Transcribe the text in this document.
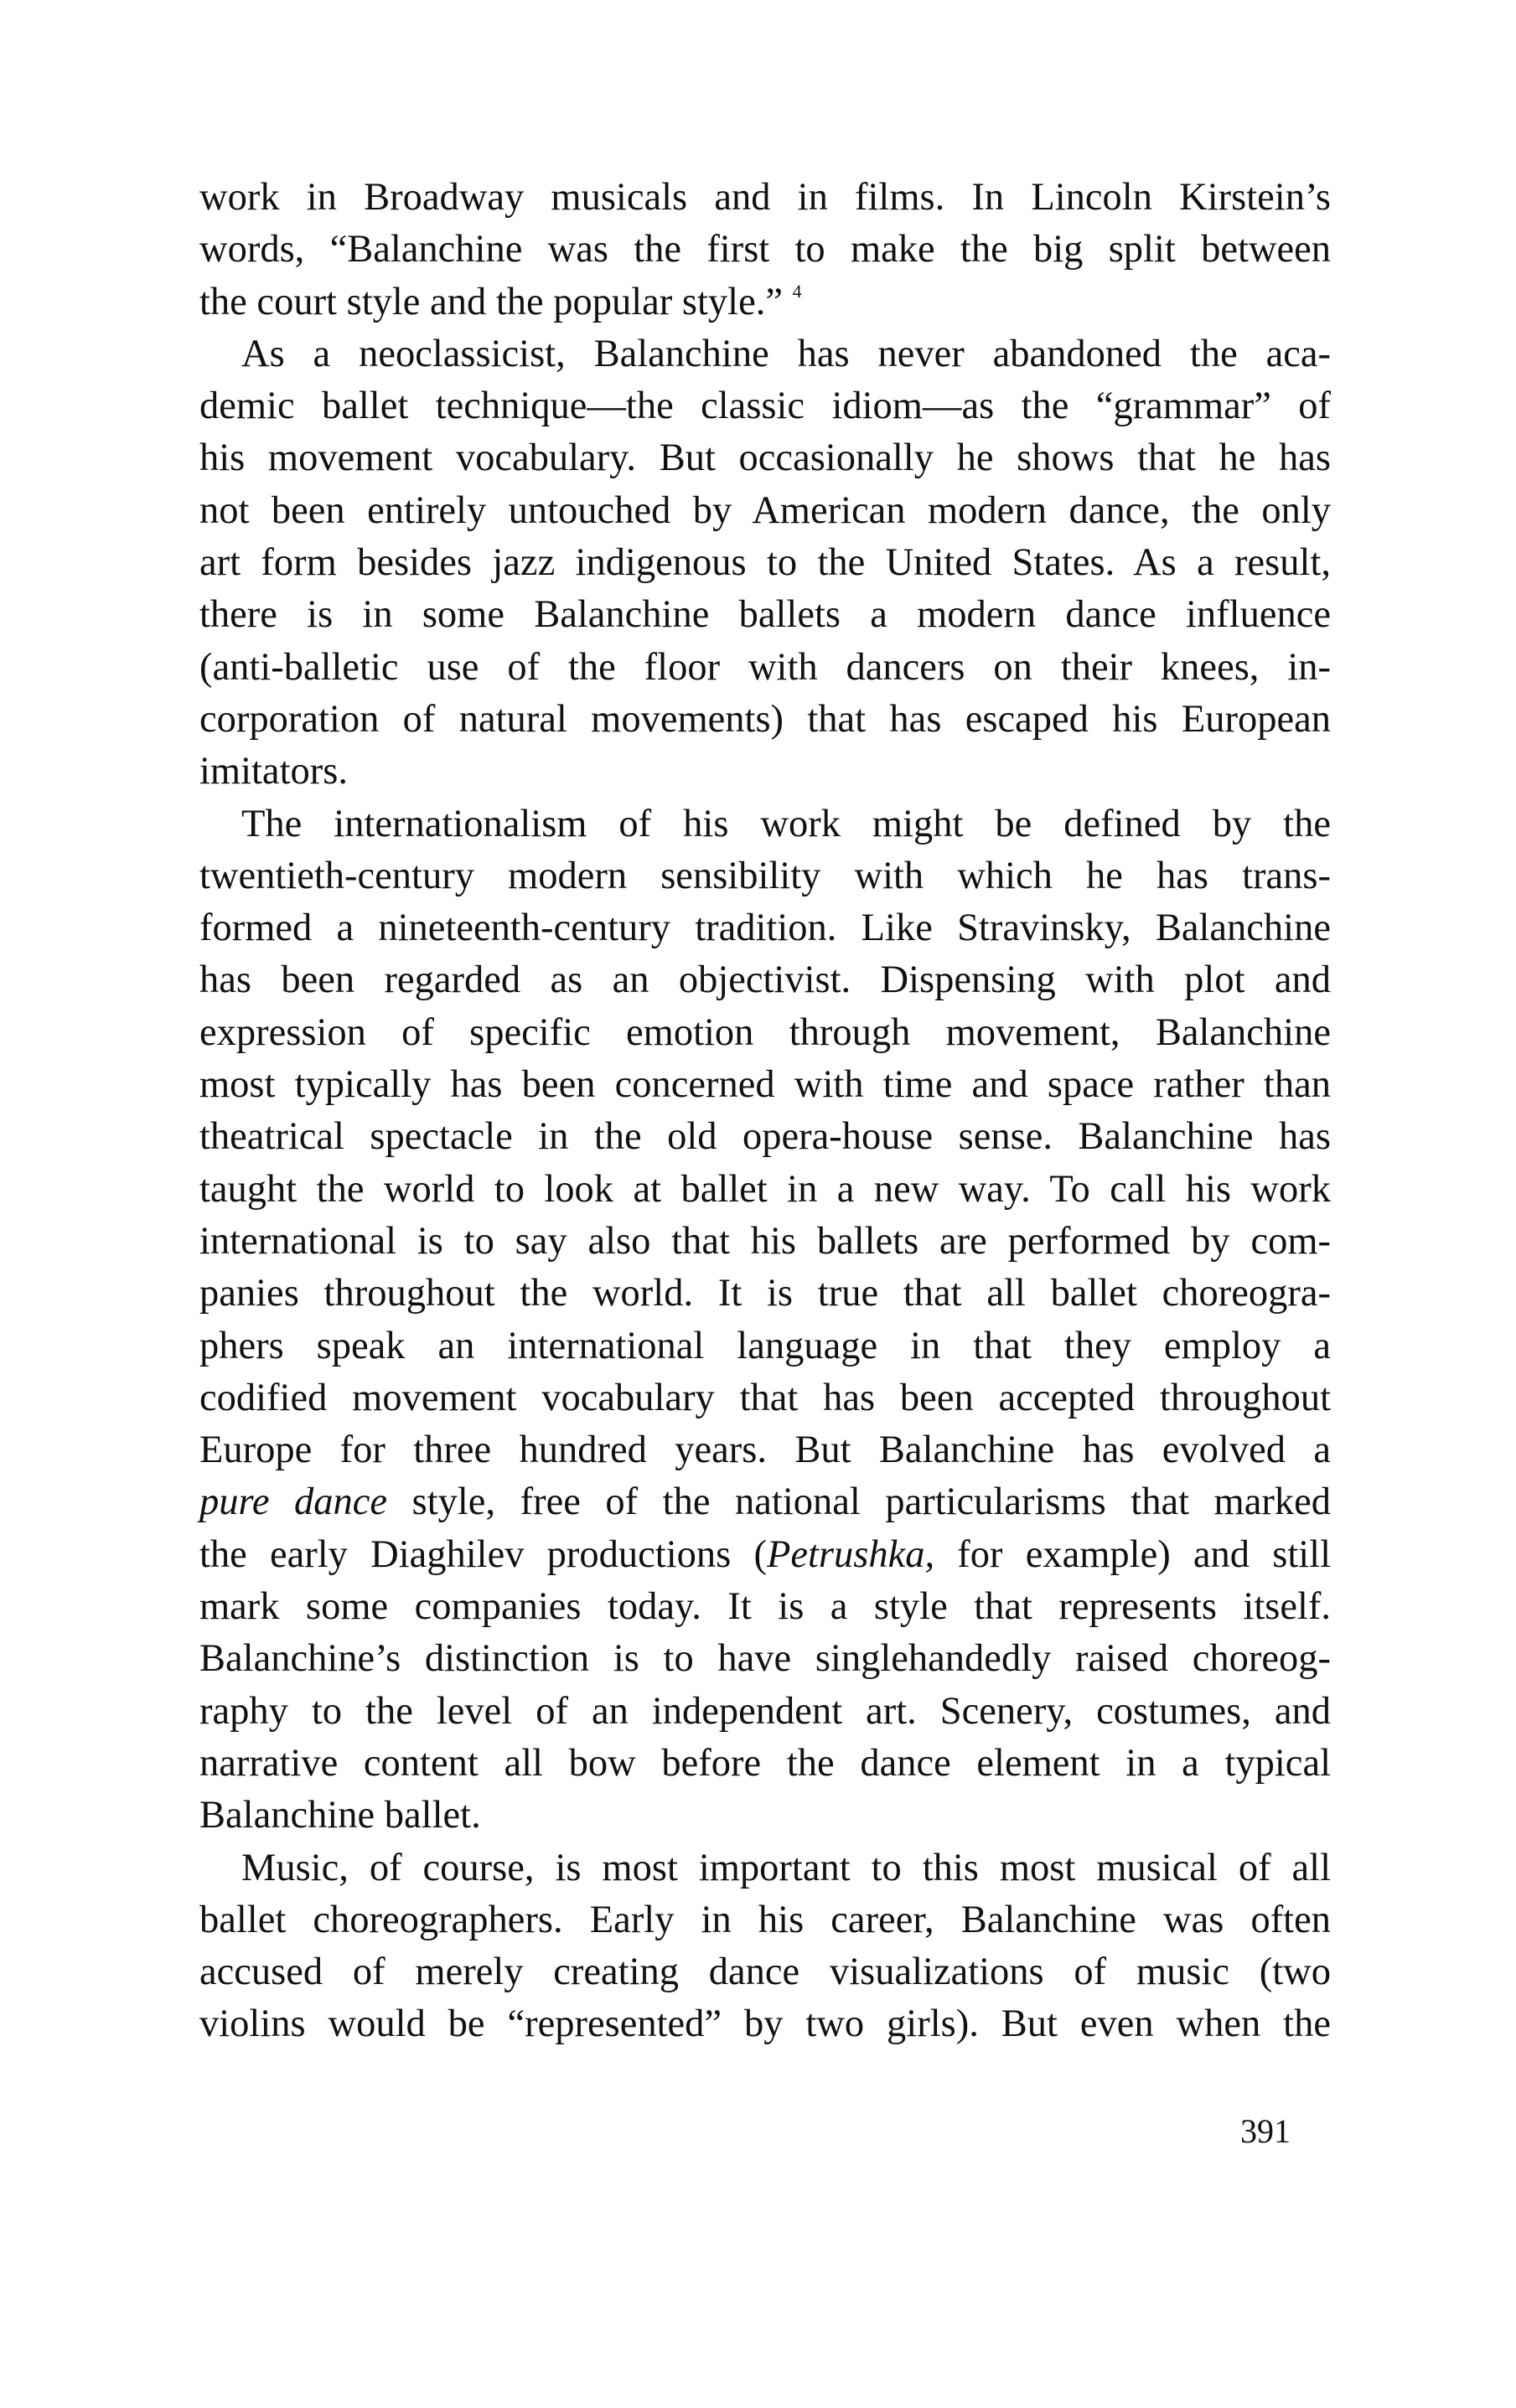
work in Broadway musicals and in films. In Lincoln Kirstein’s
words, “Balanchine was the first to make the big split between
the court style and the popular style.” $^4$
As a neoclassicist, Balanchine has never abandoned the aca-
demic ballet technique—the classic idiom—as the “grammar” of
his movement vocabulary. But occasionally he shows that he has
not been entirely untouched by American modern dance, the only
art form besides jazz indigenous to the United States. As a result,
there is in some Balanchine ballets a modern dance influence
(anti-balletic use of the floor with dancers on their knees, in-
corporation of natural movements) that has escaped his European
imitators.
The internationalism of his work might be defined by the
twentieth-century modern sensibility with which he has trans-
formed a nineteenth-century tradition. Like Stravinsky, Balanchine
has been regarded as an objectivist. Dispensing with plot and
expression of specific emotion through movement, Balanchine
most typically has been concerned with time and space rather than
theatrical spectacle in the old opera-house sense. Balanchine has
taught the world to look at ballet in a new way. To call his work
international is to say also that his ballets are performed by com-
panies throughout the world. It is true that all ballet choreogra-
phers speak an international language in that they employ a
codified movement vocabulary that has been accepted throughout
Europe for three hundred years. But Balanchine has evolved a
pure dance style, free of the national particularisms that marked
the early Diaghilev productions (Petrushka, for example) and still
mark some companies today. It is a style that represents itself.
Balanchine’s distinction is to have singlehandedly raised choreog-
raphy to the level of an independent art. Scenery, costumes, and
narrative content all bow before the dance element in a typical
Balanchine ballet.
Music, of course, is most important to this most musical of all
ballet choreographers. Early in his career, Balanchine was often
accused of merely creating dance visualizations of music (two
violins would be “represented” by two girls). But even when the
391
